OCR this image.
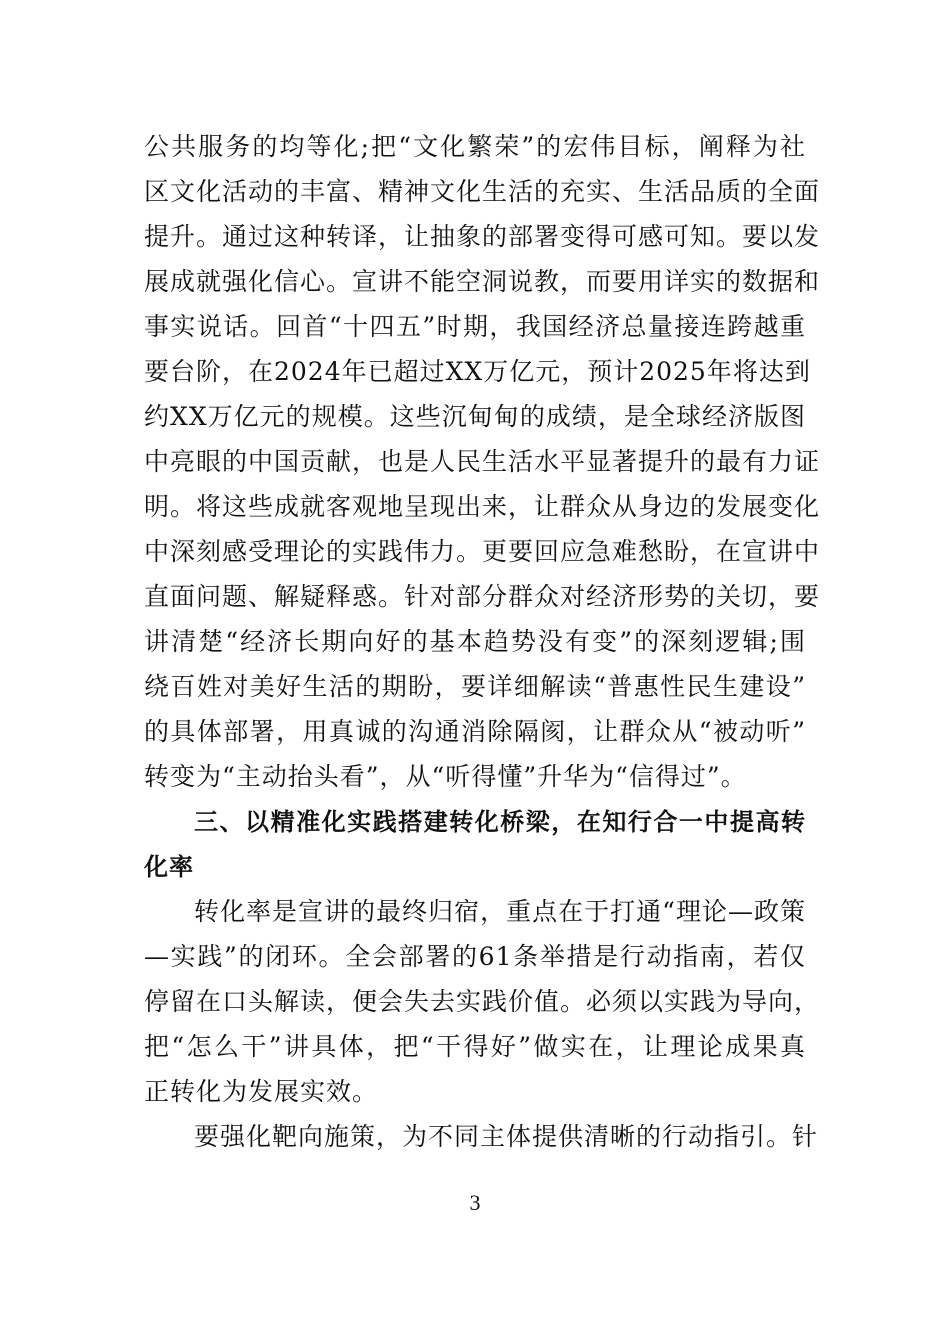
公共服务的均等化;把“文化繁荣”的宏伟目标，阐释为社
区文化活动的丰富、精神文化生活的充实、生活品质的全面
提升。通过这种转译，让抽象的部署变得可感可知。要以发
展成就强化信心。宣讲不能空洞说教，而要用详实的数据和
事实说话。回首“十四五”时期，我国经济总量接连跨越重
要台阶，在2024年已超过XX万亿元，预计2025年将达到
约XX万亿元的规模。这些沉甸甸的成绩，是全球经济版图
中亮眼的中国贡献，也是人民生活水平显著提升的最有力证
明。将这些成就客观地呈现出来，让群众从身边的发展变化
中深刻感受理论的实践伟力。更要回应急难愁盼，在宣讲中
直面问题、解疑释惑。针对部分群众对经济形势的关切，要
讲清楚“经济长期向好的基本趋势没有变”的深刻逻辑;围
绕百姓对美好生活的期盼，要详细解读“普惠性民生建设”
的具体部署，用真诚的沟通消除隔阂，让群众从“被动听”
转变为“主动抬头看”，从“听得懂”升华为“信得过”。
三、以精准化实践搭建转化桥梁，在知行合一中提高转
化率
转化率是宣讲的最终归宿，重点在于打通“理论—政策
—实践”的闭环。全会部署的61条举措是行动指南，若仅
停留在口头解读，便会失去实践价值。必须以实践为导向，
把“怎么干”讲具体，把“干得好”做实在，让理论成果真
正转化为发展实效。
要强化靶向施策，为不同主体提供清晰的行动指引。针
3
